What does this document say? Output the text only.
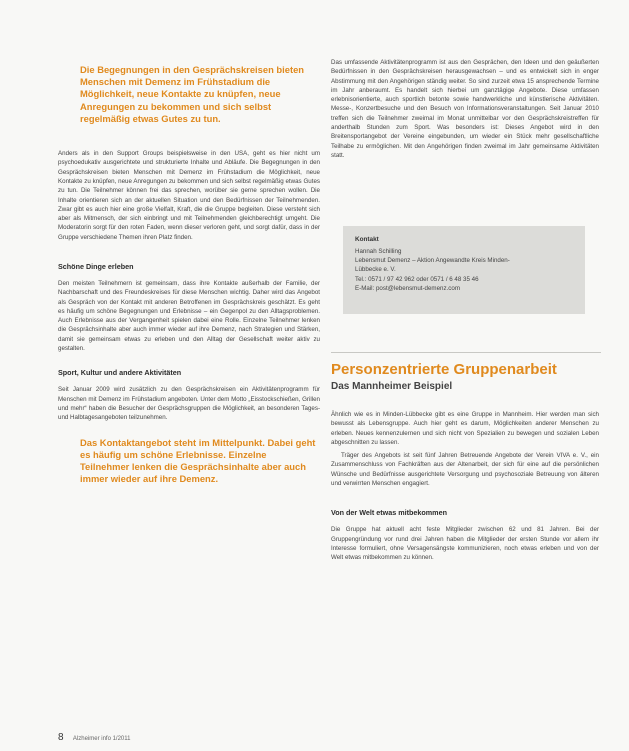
Die Begegnungen in den Gesprächskreisen bieten Menschen mit Demenz im Frühstadium die Möglichkeit, neue Kontakte zu knüpfen, neue Anregungen zu bekommen und sich selbst regelmäßig etwas Gutes zu tun.

Anders als in den Support Groups beispielsweise in den USA, geht es hier nicht um psychoedukativ ausgerichtete und strukturierte Inhalte und Abläufe. Die Begegnungen in den Gesprächskreisen bieten Menschen mit Demenz im Frühstadium die Möglichkeit, neue Kontakte zu knüpfen, neue Anregungen zu bekommen und sich selbst regelmäßig etwas Gutes zu tun. Die Teilnehmer können frei das sprechen, worüber sie gerne sprechen wollen. Die Inhalte orientieren sich an der aktuellen Situation und den Bedürfnissen der Teilnehmenden. Zwar gibt es auch hier eine große Vielfalt, Kraft, die die Gruppe begleiten. Diese versteht sich aber als Mitmensch, der sich einbringt und mit Teilnehmenden gleichberechtigt umgeht. Die Moderatorin sorgt für den roten Faden, wenn dieser verloren geht, und sorgt dafür, dass in der Gruppe verschiedene Themen ihren Platz finden.

Schöne Dinge erleben

Den meisten Teilnehmern ist gemeinsam, dass ihre Kontakte außerhalb der Familie, der Nachbarschaft und des Freundeskreises für diese Menschen wichtig. Daher wird das Angebot als Gespräch von der Kontakt mit anderen Betroffenen im Gesprächskreis geschätzt. Es geht es häufig um schöne Begegnungen und Erlebnisse – ein Gegenpol zu den Alltagsproblemen. Auch Erlebnisse aus der Vergangenheit spielen dabei eine Rolle. Einzelne Teilnehmer lenken die Gesprächsinhalte aber auch immer wieder auf ihre Demenz, nach Strategien und Stärken, damit sie gemeinsam etwas zu erleben und den Alltag der Gesellschaft weiter aktiv zu gestalten.

Sport, Kultur und andere Aktivitäten

Seit Januar 2009 wird zusätzlich zu den Gesprächskreisen ein Aktivitätenprogramm für Menschen mit Demenz im Frühstadium angeboten. Unter dem Motto „Eisstockschießen, Grillen und mehr“ haben die Besucher der Gesprächsgruppen die Möglichkeit, an besonderen Tages- und Halbtagesangeboten teilzunehmen.

Das Kontaktangebot steht im Mittelpunkt. Dabei geht es häufig um schöne Erlebnisse. Einzelne Teilnehmer lenken die Gesprächsinhalte aber auch immer wieder auf ihre Demenz.

Das umfassende Aktivitätenprogramm ist aus den Gesprächen, den Ideen und den geäußerten Bedürfnissen in den Gesprächskreisen herausgewachsen – und es entwickelt sich in enger Abstimmung mit den Angehörigen ständig weiter. So sind zurzeit etwa 15 ansprechende Termine im Jahr anberaumt. Es handelt sich hierbei um ganztägige Angebote. Diese umfassen erlebnisorientierte, auch sportlich betonte sowie handwerkliche und künstlerische Aktivitäten. Messe-, Konzertbesuche und den Besuch von Informationsveranstaltungen. Seit Januar 2010 treffen sich die Teilnehmer zweimal im Monat unmittelbar vor den Gesprächskreistreffen für anderthalb Stunden zum Sport. Was besonders ist: Dieses Angebot wird in den Breitensportangebot der Vereine eingebunden, um wieder ein Stück mehr gesellschaftliche Teilhabe zu ermöglichen. Mit den Angehörigen finden zweimal im Jahr gemeinsame Aktivitäten statt.

Kontakt
Hannah Schilling
Lebensmut Demenz – Aktion Angewandte Kreis Minden-
Lübbecke e. V.
Tel.: 0571 / 97 42 962 oder 0571 / 6 48 35 46
E-Mail: post@lebensmut-demenz.com
Personzentrierte Gruppenarbeit
Das Mannheimer Beispiel

Ähnlich wie es in Minden-Lübbecke gibt es eine Gruppe in Mannheim. Hier werden man sich bewusst als Lebensgruppe. Auch hier geht es darum, Möglichkeiten anderer Menschen zu erleben. Neues kennenzulernen und sich nicht von Spezialien zu bewegen und sozialen Leben abgeschnitten zu lassen.

Träger des Angebots ist seit fünf Jahren Betreuende Angebote der Verein VIVA e. V., ein Zusammenschluss von Fachkräften aus der Altenarbeit, der sich für eine auf die persönlichen Wünsche und Bedürfnisse ausgerichtete Versorgung und psychosoziale Betreuung von älteren und verwirrten Menschen engagiert.

Von der Welt etwas mitbekommen

Die Gruppe hat aktuell acht feste Mitglieder zwischen 62 und 81 Jahren. Bei der Gruppengründung vor rund drei Jahren haben die Mitglieder der ersten Stunde vor allem ihr Interesse formuliert, ohne Versagensängste kommunizieren, noch etwas erleben und von der Welt etwas mitbekommen zu können.

8 Alzheimer info 1/2011
